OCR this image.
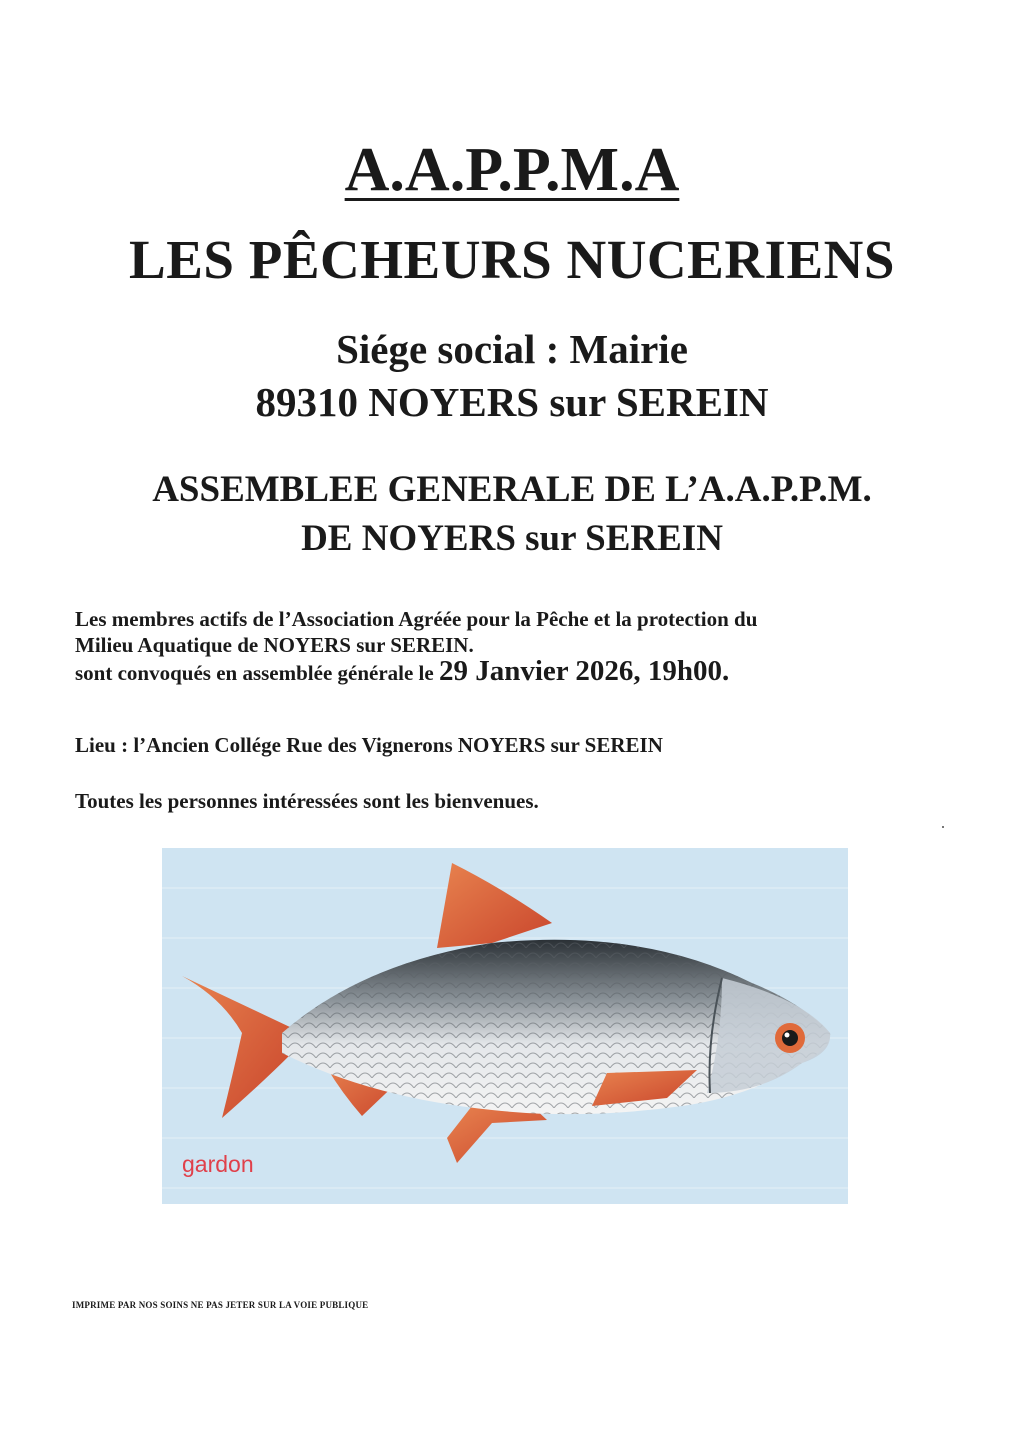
A.A.P.P.M.A
LES PÊCHEURS NUCERIENS
Siége social : Mairie
89310 NOYERS sur SEREIN
ASSEMBLEE GENERALE DE L’A.A.P.P.M.
DE NOYERS sur SEREIN
Les membres actifs de l’Association Agréée pour la Pêche et la protection du
Milieu Aquatique de NOYERS sur SEREIN.
sont convoqués en assemblée générale le 29 Janvier 2026, 19h00.
Lieu : l’Ancien Collége Rue des Vignerons NOYERS sur SEREIN
Toutes les personnes intéressées sont les bienvenues.
gardon
IMPRIME PAR NOS SOINS NE PAS JETER SUR LA VOIE PUBLIQUE
